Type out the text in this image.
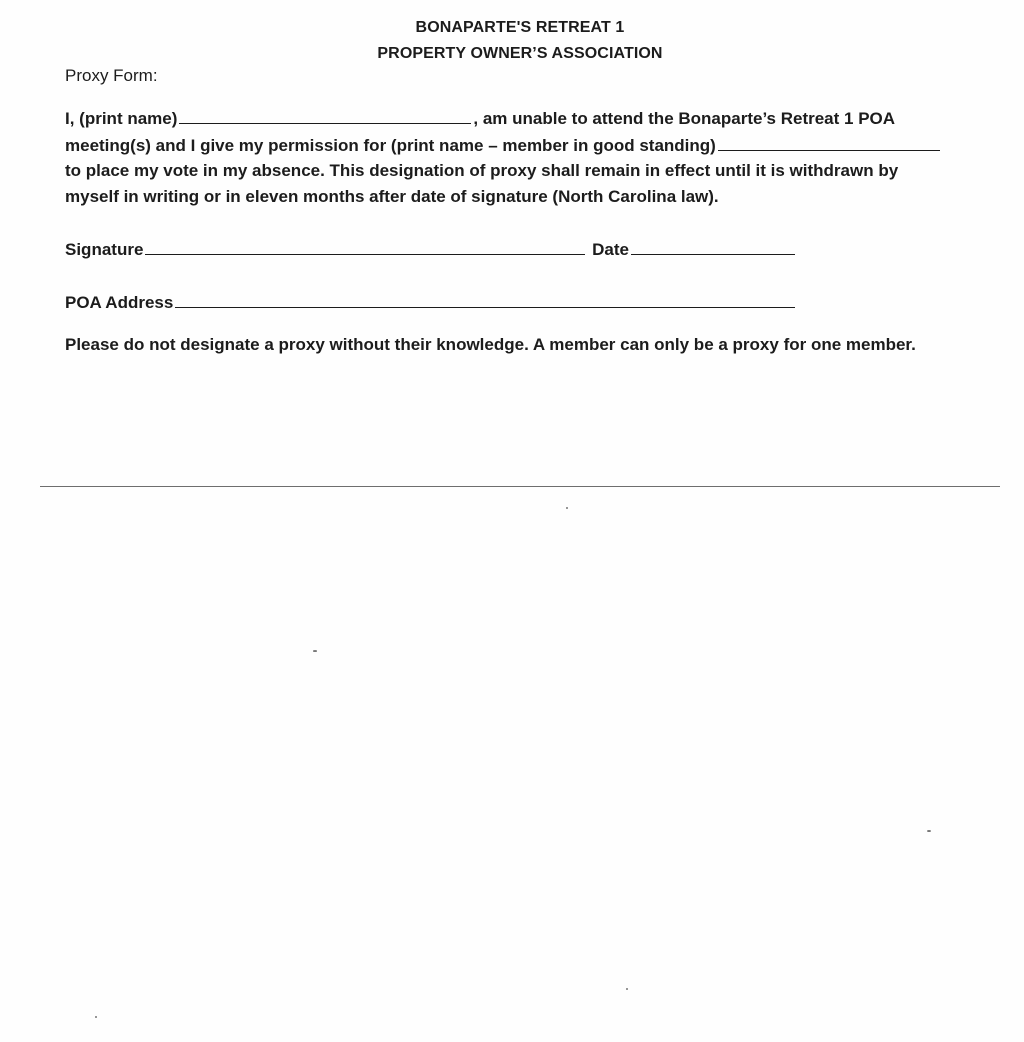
BONAPARTE'S RETREAT 1
PROPERTY OWNER’S ASSOCIATION
Proxy Form:
I, (print name)	, am unable to attend the Bonaparte’s Retreat 1 POA
meeting(s) and I give my permission for (print name – member in good standing)
to place my vote in my absence. This designation of proxy shall remain in effect until it is withdrawn by
myself in writing or in eleven months after date of signature (North Carolina law).
Signature	Date
POA Address
Please do not designate a proxy without their knowledge. A member can only be a proxy for one member.
